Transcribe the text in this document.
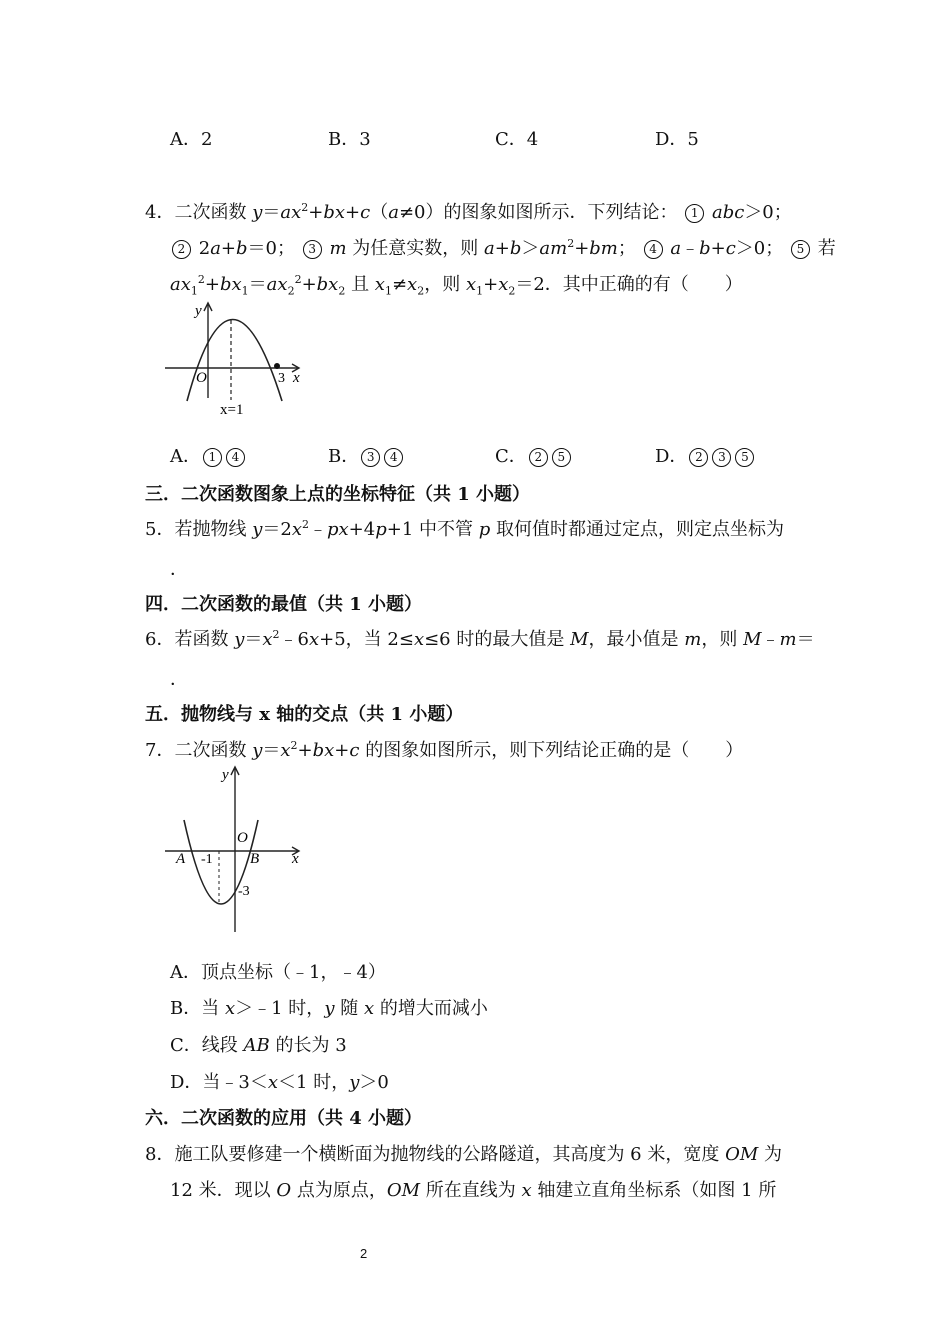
A．2	B．3	C．4	D．5
4．二次函数 $y=ax^2+bx+c(a\ne 0)$的图象如图所示．下列结论： 1 abc＞0；
2 2a+b＝0； 3 m 为任意实数，则 $a+b>am^2+bm$； 4 a﹣b+c＞0； 5 若
$ax_1^2+bx_1=ax_2^2+bx_2$ 且 $x_1\ne x_2$，则 $x_1+x_2=2$．其中正确的有（　　）
y
O	3 x
x=1
A． 1 4	B． 3 4	C． 2 5	D． 2 3 5
三．二次函数图象上点的坐标特征（共 1 小题）
5．若抛物线 $y=2x^2﹣px+4p+1$ 中不管 p 取何值时都通过定点，则定点坐标为
．
四．二次函数的最值（共 1 小题）
6．若函数 $y=x^2﹣6x+5$，当 2≤x≤6 时的最大值是 M，最小值是 m，则 M﹣m＝
．
五．抛物线与 x 轴的交点（共 1 小题）
7．二次函数 $y=x^2+bx+c$ 的图象如图所示，则下列结论正确的是（　　）
y
O
A -1 B x
-3
A．顶点坐标（﹣1，﹣4）
B．当 x＞﹣1 时，y 随 x 的增大而减小
C．线段 AB 的长为 3
D．当﹣3＜x＜1 时，y＞0
六．二次函数的应用（共 4 小题）
8．施工队要修建一个横断面为抛物线的公路隧道，其高度为 6 米，宽度 OM 为
12 米．现以 O 点为原点，OM 所在直线为 x 轴建立直角坐标系（如图 1 所
2
